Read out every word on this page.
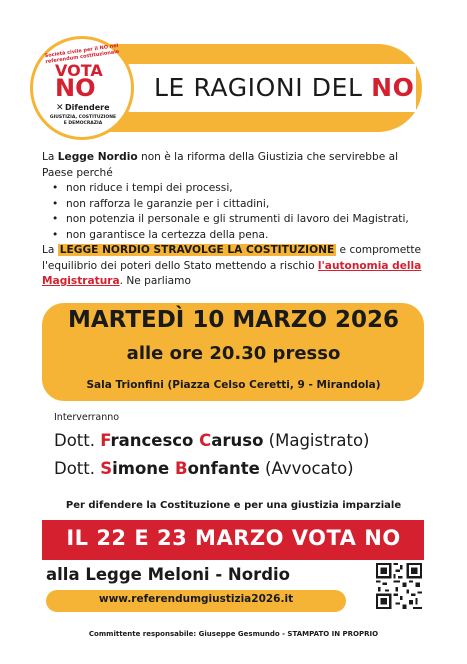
LE RAGIONI DEL NO
Società civile per il NO nel referendum costituzionale
VOTA
NO
✕ Difendere
GIUSTIZIA, COSTITUZIONE
E DEMOCRAZIA
La Legge Nordio non è la riforma della Giustizia che servirebbe al Paese perché
• non riduce i tempi dei processi,
• non rafforza le garanzie per i cittadini,
• non potenzia il personale e gli strumenti di lavoro dei Magistrati,
• non garantisce la certezza della pena.
La LEGGE NORDIO STRAVOLGE LA COSTITUZIONE e compromette l'equilibrio dei poteri dello Stato mettendo a rischio l'autonomia della Magistratura. Ne parliamo
MARTEDÌ 10 MARZO 2026
alle ore 20.30 presso
Sala Trionfini (Piazza Celso Ceretti, 9 - Mirandola)
Interverranno
Dott. Francesco Caruso (Magistrato)
Dott. Simone Bonfante (Avvocato)
Per difendere la Costituzione e per una giustizia imparziale
IL 22 E 23 MARZO VOTA NO
alla Legge Meloni - Nordio
www.referendumgiustizia2026.it
Committente responsabile: Giuseppe Gesmundo - STAMPATO IN PROPRIO
